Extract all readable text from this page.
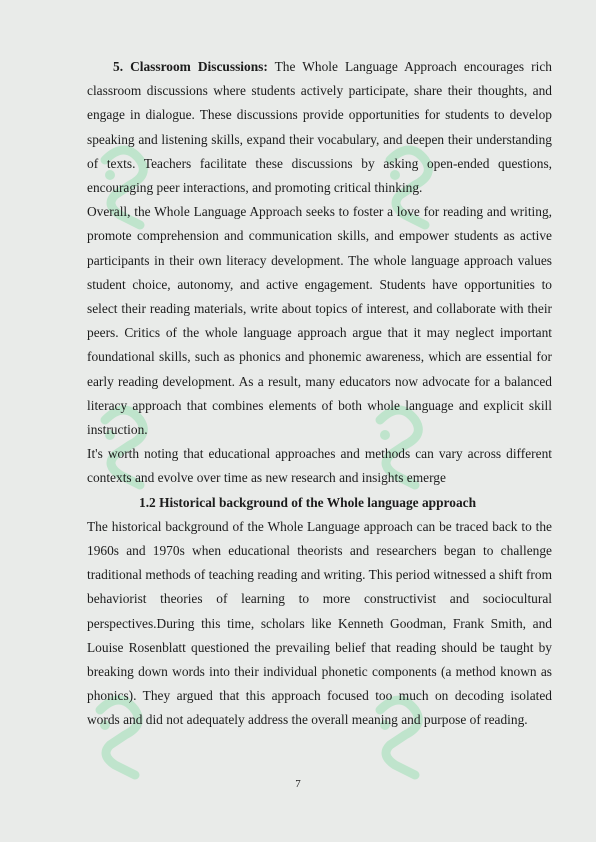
5. Classroom Discussions: The Whole Language Approach encourages rich classroom discussions where students actively participate, share their thoughts, and engage in dialogue. These discussions provide opportunities for students to develop speaking and listening skills, expand their vocabulary, and deepen their understanding of texts. Teachers facilitate these discussions by asking open-ended questions, encouraging peer interactions, and promoting critical thinking.

Overall, the Whole Language Approach seeks to foster a love for reading and writing, promote comprehension and communication skills, and empower students as active participants in their own literacy development. The whole language approach values student choice, autonomy, and active engagement. Students have opportunities to select their reading materials, write about topics of interest, and collaborate with their peers. Critics of the whole language approach argue that it may neglect important foundational skills, such as phonics and phonemic awareness, which are essential for early reading development. As a result, many educators now advocate for a balanced literacy approach that combines elements of both whole language and explicit skill instruction.

It's worth noting that educational approaches and methods can vary across different contexts and evolve over time as new research and insights emerge

1.2 Historical background of the Whole language approach

The historical background of the Whole Language approach can be traced back to the 1960s and 1970s when educational theorists and researchers began to challenge traditional methods of teaching reading and writing. This period witnessed a shift from behaviorist theories of learning to more constructivist and sociocultural perspectives.During this time, scholars like Kenneth Goodman, Frank Smith, and Louise Rosenblatt questioned the prevailing belief that reading should be taught by breaking down words into their individual phonetic components (a method known as phonics). They argued that this approach focused too much on decoding isolated words and did not adequately address the overall meaning and purpose of reading.

7
